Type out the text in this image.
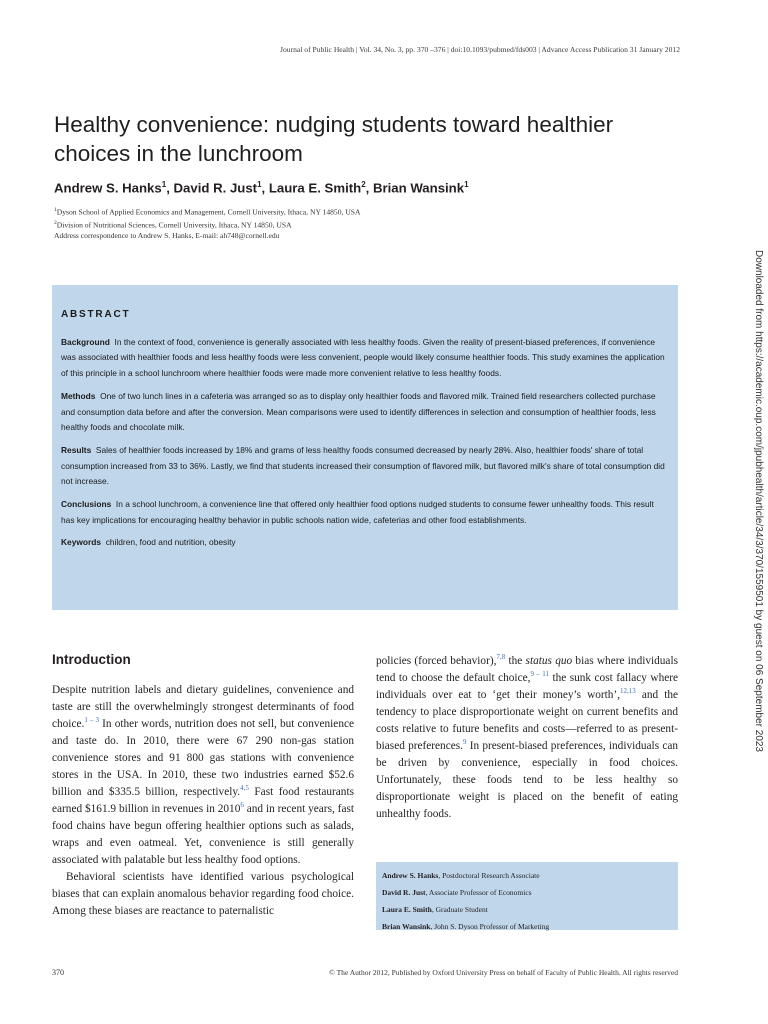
Journal of Public Health | Vol. 34, No. 3, pp. 370 –376 | doi:10.1093/pubmed/fds003 | Advance Access Publication 31 January 2012
Healthy convenience: nudging students toward healthier choices in the lunchroom
Andrew S. Hanks$^1$, David R. Just$^1$, Laura E. Smith$^2$, Brian Wansink$^1$
$^1$Dyson School of Applied Economics and Management, Cornell University, Ithaca, NY 14850, USA
$^2$Division of Nutritional Sciences, Cornell University, Ithaca, NY 14850, USA
Address correspondence to Andrew S. Hanks, E-mail: ah748@cornell.edu
Downloaded from https://academic.oup.com/jpubhealth/article/34/3/370/1559501 by guest on 06 September 2023
ABSTRACT

Background In the context of food, convenience is generally associated with less healthy foods. Given the reality of present-biased preferences, if convenience was associated with healthier foods and less healthy foods were less convenient, people would likely consume healthier foods. This study examines the application of this principle in a school lunchroom where healthier foods were made more convenient relative to less healthy foods.

Methods One of two lunch lines in a cafeteria was arranged so as to display only healthier foods and flavored milk. Trained field researchers collected purchase and consumption data before and after the conversion. Mean comparisons were used to identify differences in selection and consumption of healthier foods, less healthy foods and chocolate milk.

Results Sales of healthier foods increased by 18% and grams of less healthy foods consumed decreased by nearly 28%. Also, healthier foods' share of total consumption increased from 33 to 36%. Lastly, we find that students increased their consumption of flavored milk, but flavored milk's share of total consumption did not increase.

Conclusions In a school lunchroom, a convenience line that offered only healthier food options nudged students to consume fewer unhealthy foods. This result has key implications for encouraging healthy behavior in public schools nation wide, cafeterias and other food establishments.

Keywords children, food and nutrition, obesity

Introduction

Despite nutrition labels and dietary guidelines, convenience and taste are still the overwhelmingly strongest determinants of food choice.$^{1 - 3}$ In other words, nutrition does not sell, but convenience and taste do. In 2010, there were 67 290 non-gas station convenience stores and 91 800 gas stations with convenience stores in the USA. In 2010, these two industries earned $52.6 billion and $335.5 billion, respectively.$^{4,5}$ Fast food restaurants earned $161.9 billion in revenues in 2010$^6$ and in recent years, fast food chains have begun offering healthier options such as salads, wraps and even oatmeal. Yet, convenience is still generally associated with palatable but less healthy food options.

Behavioral scientists have identified various psychological biases that can explain anomalous behavior regarding food choice. Among these biases are reactance to paternalistic

policies (forced behavior),$^{7,8}$ the status quo bias where individuals tend to choose the default choice,$^{9 - 11}$ the sunk cost fallacy where individuals over eat to ‘get their money’s worth’,$^{12,13}$ and the tendency to place disproportionate weight on current benefits and costs relative to future benefits and costs—referred to as present-biased preferences.$^9$ In present-biased preferences, individuals can be driven by convenience, especially in food choices. Unfortunately, these foods tend to be less healthy so disproportionate weight is placed on the benefit of eating unhealthy foods.

Andrew S. Hanks, Postdoctoral Research Associate
David R. Just, Associate Professor of Economics
Laura E. Smith, Graduate Student
Brian Wansink, John S. Dyson Professor of Marketing
370	© The Author 2012, Published by Oxford University Press on behalf of Faculty of Public Health. All rights reserved
